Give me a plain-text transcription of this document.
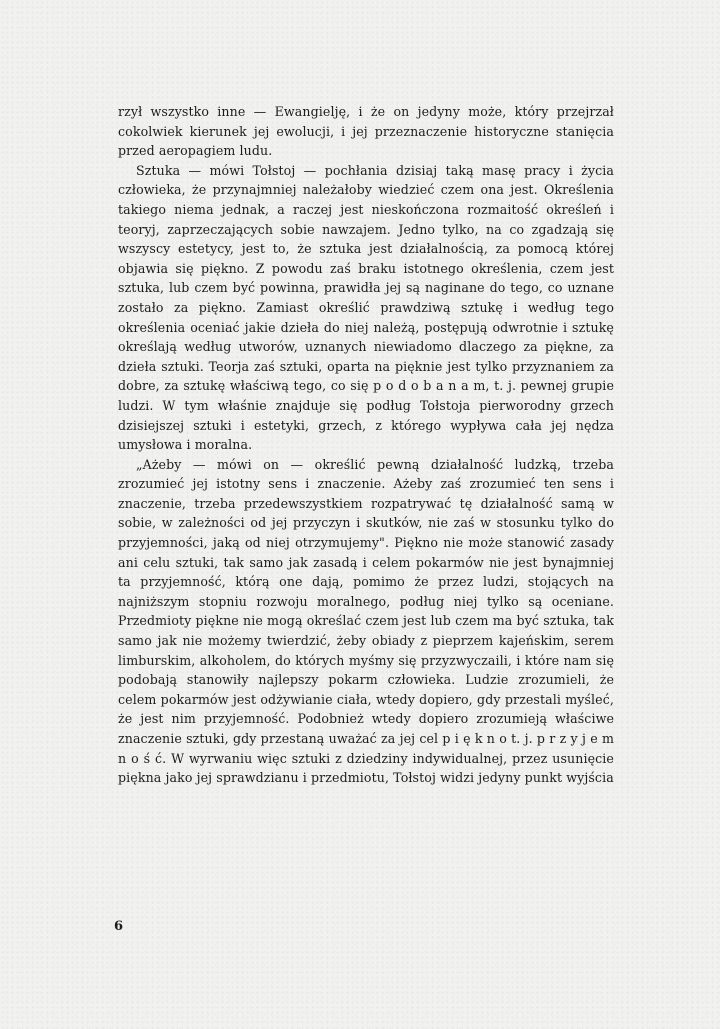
rzył wszystko inne — Ewangielję, i że on jedyny może, który przejrzał cokolwiek kierunek jej ewolucji, i jej przeznaczenie historyczne stanięcia przed aeropagiem ludu.

Sztuka — mówi Tołstoj — pochłania dzisiaj taką masę pracy i życia człowieka, że przynajmniej należałoby wiedzieć czem ona jest. Określenia takiego niema jednak, a raczej jest nieskończona rozmaitość określeń i teoryj, zaprzeczających sobie nawzajem. Jedno tylko, na co zgadzają się wszyscy estetycy, jest to, że sztuka jest działalnością, za pomocą której objawia się piękno. Z powodu zaś braku istotnego określenia, czem jest sztuka, lub czem być powinna, prawidła jej są naginane do tego, co uznane zostało za piękno. Zamiast określić prawdziwą sztukę i według tego określenia oceniać jakie dzieła do niej należą, postępują odwrotnie i sztukę określają według utworów, uznanych niewiadomo dlaczego za piękne, za dzieła sztuki. Teorja zaś sztuki, oparta na pięknie jest tylko przyznaniem za dobre, za sztukę właściwą tego, co się p o d o b a n a m, t. j. pewnej grupie ludzi. W tym właśnie znajduje się podług Tołstoja pierworodny grzech dzisiejszej sztuki i estetyki, grzech, z którego wypływa cała jej nędza umysłowa i moralna.

„Ażeby — mówi on — określić pewną działalność ludzką, trzeba zrozumieć jej istotny sens i znaczenie. Ażeby zaś zrozumieć ten sens i znaczenie, trzeba przedewszystkiem rozpatrywać tę działalność samą w sobie, w zależności od jej przyczyn i skutków, nie zaś w stosunku tylko do przyjemności, jaką od niej otrzymujemy". Piękno nie może stanowić zasady ani celu sztuki, tak samo jak zasadą i celem pokarmów nie jest bynajmniej ta przyjemność, którą one dają, pomimo że przez ludzi, stojących na najniższym stopniu rozwoju moralnego, podług niej tylko są oceniane. Przedmioty piękne nie mogą określać czem jest lub czem ma być sztuka, tak samo jak nie możemy twierdzić, żeby obiady z pieprzem kajeńskim, serem limburskim, alkoholem, do których myśmy się przyzwyczaili, i które nam się podobają stanowiły najlepszy pokarm człowieka. Ludzie zrozumieli, że celem pokarmów jest odżywianie ciała, wtedy dopiero, gdy przestali myśleć, że jest nim przyjemność. Podobnież wtedy dopiero zrozumieją właściwe znaczenie sztuki, gdy przestaną uważać za jej cel p i ę k n o t. j. p r z y j e m n o ś ć. W wyrwaniu więc sztuki z dziedziny indywidualnej, przez usunięcie piękna jako jej sprawdzianu i przedmiotu, Tołstoj widzi jedyny punkt wyjścia

6
